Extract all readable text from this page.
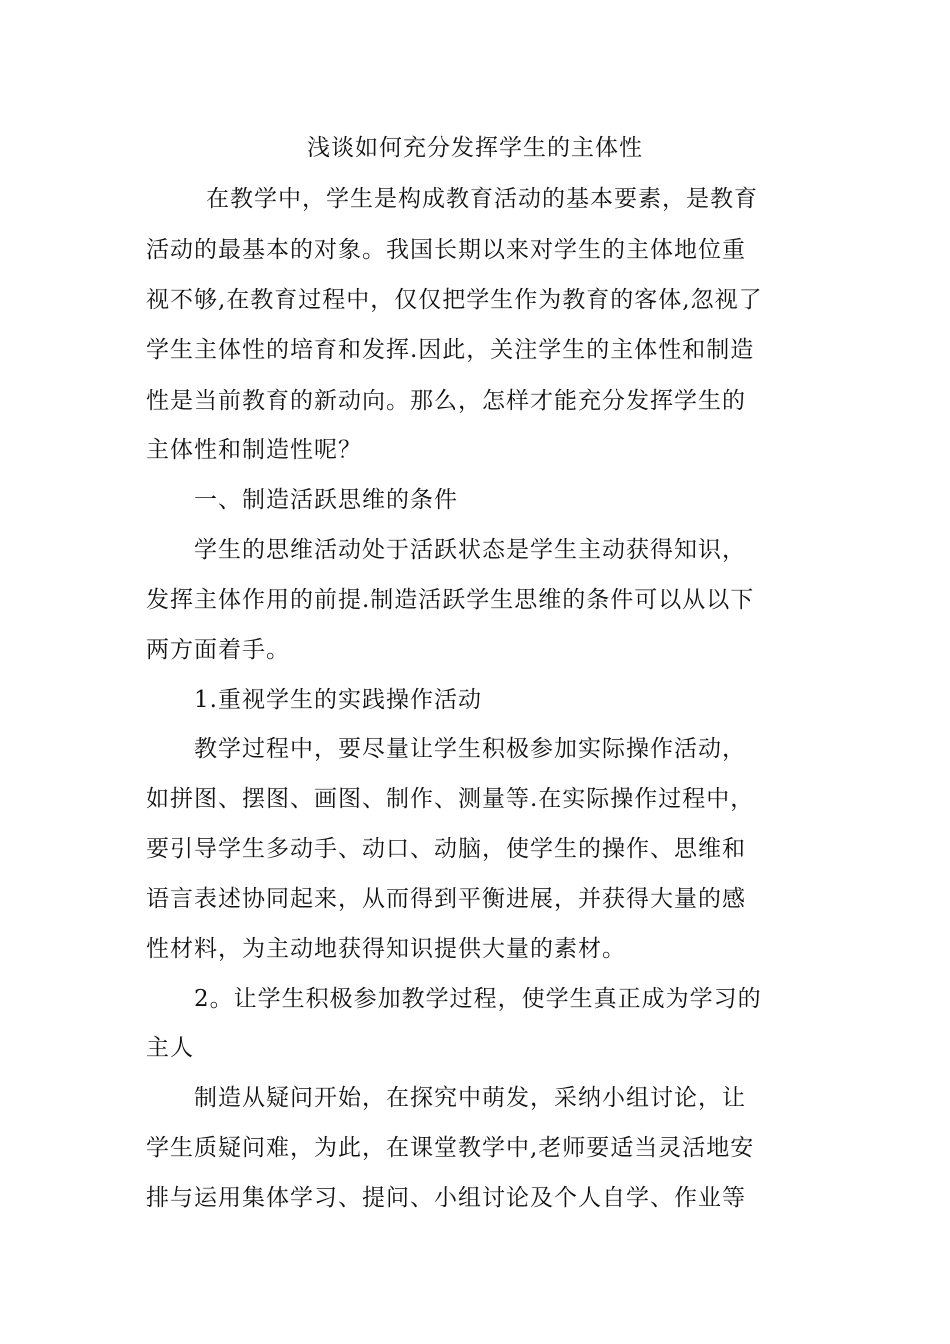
浅谈如何充分发挥学生的主体性
在教学中，学生是构成教育活动的基本要素，是教育
活动的最基本的对象。我国长期以来对学生的主体地位重
视不够,在教育过程中，仅仅把学生作为教育的客体,忽视了
学生主体性的培育和发挥.因此，关注学生的主体性和制造
性是当前教育的新动向。那么，怎样才能充分发挥学生的
主体性和制造性呢？
一、制造活跃思维的条件
学生的思维活动处于活跃状态是学生主动获得知识，
发挥主体作用的前提.制造活跃学生思维的条件可以从以下
两方面着手。
1.重视学生的实践操作活动
教学过程中，要尽量让学生积极参加实际操作活动，
如拼图、摆图、画图、制作、测量等.在实际操作过程中，
要引导学生多动手、动口、动脑，使学生的操作、思维和
语言表述协同起来，从而得到平衡进展，并获得大量的感
性材料，为主动地获得知识提供大量的素材。
2。让学生积极参加教学过程，使学生真正成为学习的
主人
制造从疑问开始，在探究中萌发，采纳小组讨论，让
学生质疑问难，为此，在课堂教学中,老师要适当灵活地安
排与运用集体学习、提问、小组讨论及个人自学、作业等
